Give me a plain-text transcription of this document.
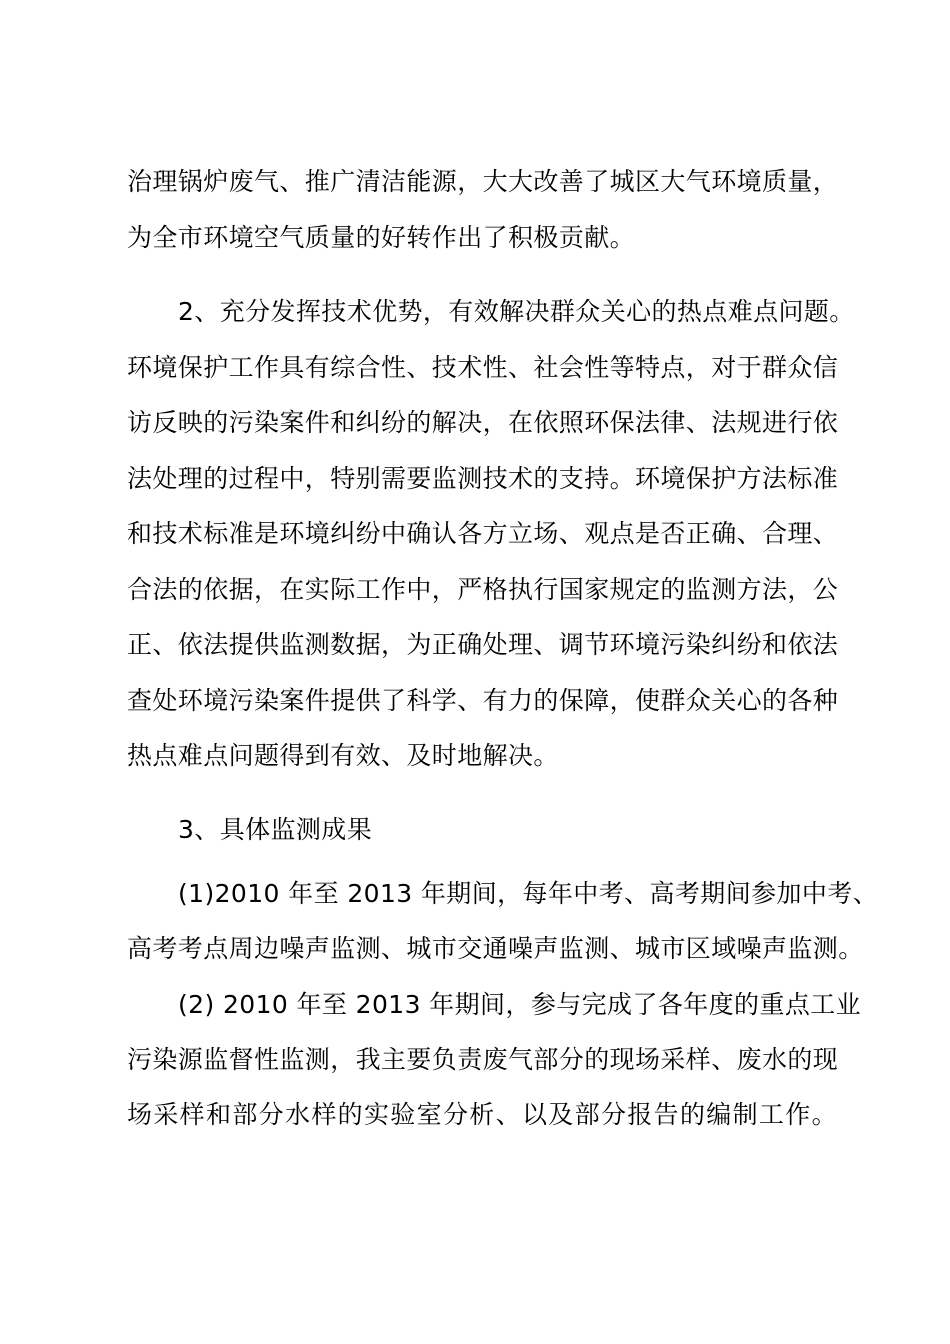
治理锅炉废气、推广清洁能源，大大改善了城区大气环境质量，
为全市环境空气质量的好转作出了积极贡献。
2、充分发挥技术优势，有效解决群众关心的热点难点问题。
环境保护工作具有综合性、技术性、社会性等特点，对于群众信
访反映的污染案件和纠纷的解决，在依照环保法律、法规进行依
法处理的过程中，特别需要监测技术的支持。环境保护方法标准
和技术标准是环境纠纷中确认各方立场、观点是否正确、合理、
合法的依据，在实际工作中，严格执行国家规定的监测方法，公
正、依法提供监测数据，为正确处理、调节环境污染纠纷和依法
查处环境污染案件提供了科学、有力的保障，使群众关心的各种
热点难点问题得到有效、及时地解决。
3、具体监测成果
(1)2010 年至 2013 年期间，每年中考、高考期间参加中考、
高考考点周边噪声监测、城市交通噪声监测、城市区域噪声监测。
(2) 2010 年至 2013 年期间，参与完成了各年度的重点工业
污染源监督性监测，我主要负责废气部分的现场采样、废水的现
场采样和部分水样的实验室分析、以及部分报告的编制工作。
